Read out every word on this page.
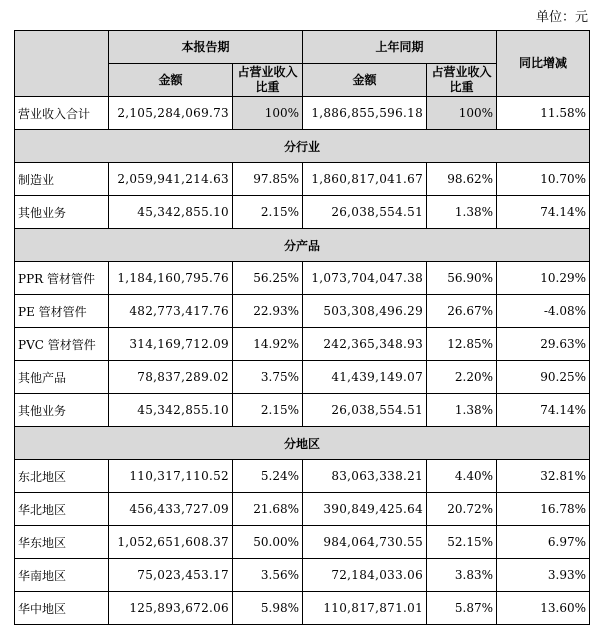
单位：元
	本报告期		上年同期		同比增减
	金额	占营业收入比重	金额	占营业收入比重	
营业收入合计	2,105,284,069.73	100%	1,886,855,596.18	100%	11.58%
分行业					
制造业	2,059,941,214.63	97.85%	1,860,817,041.67	98.62%	10.70%
其他业务	45,342,855.10	2.15%	26,038,554.51	1.38%	74.14%
分产品					
PPR 管材管件	1,184,160,795.76	56.25%	1,073,704,047.38	56.90%	10.29%
PE 管材管件	482,773,417.76	22.93%	503,308,496.29	26.67%	-4.08%
PVC 管材管件	314,169,712.09	14.92%	242,365,348.93	12.85%	29.63%
其他产品	78,837,289.02	3.75%	41,439,149.07	2.20%	90.25%
其他业务	45,342,855.10	2.15%	26,038,554.51	1.38%	74.14%
分地区					
东北地区	110,317,110.52	5.24%	83,063,338.21	4.40%	32.81%
华北地区	456,433,727.09	21.68%	390,849,425.64	20.72%	16.78%
华东地区	1,052,651,608.37	50.00%	984,064,730.55	52.15%	6.97%
华南地区	75,023,453.17	3.56%	72,184,033.06	3.83%	3.93%
华中地区	125,893,672.06	5.98%	110,817,871.01	5.87%	13.60%
